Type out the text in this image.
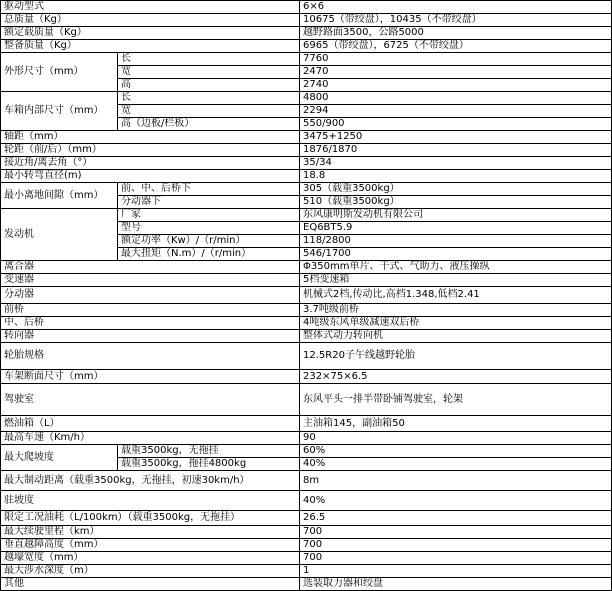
驱动型式		6×6
总质量（Kg）		10675（带绞盘），10435（不带绞盘）
额定载质量（Kg）		越野路面3500，公路5000
整备质量（Kg）		6965（带绞盘），6725（不带绞盘）
外形尺寸（mm）	长	7760
	宽	2470
	高	2740
车箱内部尺寸（mm）	长	4800
	宽	2294
	高（边板/栏板）	550/900
轴距（mm）		3475+1250
轮距（前/后）（mm）		1876/1870
接近角/离去角（°）		35/34
最小转弯直径(m)		18.8
最小离地间隙（mm）	前、中、后桥下	305（载重3500kg）
	分动器下	510（载重3500kg）
发动机	厂家	东风康明斯发动机有限公司
	型号	EQ6BT5.9
	额定功率（Kw）/（r/min）	118/2800
	最大扭矩（N.m）/（r/min）	546/1700
离合器		Φ350mm单片、干式、气助力、液压操纵
变速器		5档变速箱
分动器		机械式2档,传动比,高档1.348,低档2.41
前桥		3.7吨级前桥
中、后桥		4吨级东风单级减速双后桥
转向器		整体式动力转向机
轮胎规格		12.5R20子午线越野轮胎
车架断面尺寸（mm）		232×75×6.5
驾驶室		东风平头一排半带卧铺驾驶室，轮架
燃油箱（L）		主油箱145，副油箱50
最高车速（Km/h）		90
最大爬坡度	载重3500kg，无拖挂	60%
	载重3500kg，拖挂4800kg	40%
最大制动距离（载重3500kg，无拖挂，初速30km/h）		8m
驻坡度		40%
限定工况油耗（L/100km）（载重3500kg，无拖挂）		26.5
最大续驶里程（km）		700
垂直越障高度（mm）		700
越壕宽度（mm）		700
最大涉水深度（m）		1
其他		选装取力器和绞盘
